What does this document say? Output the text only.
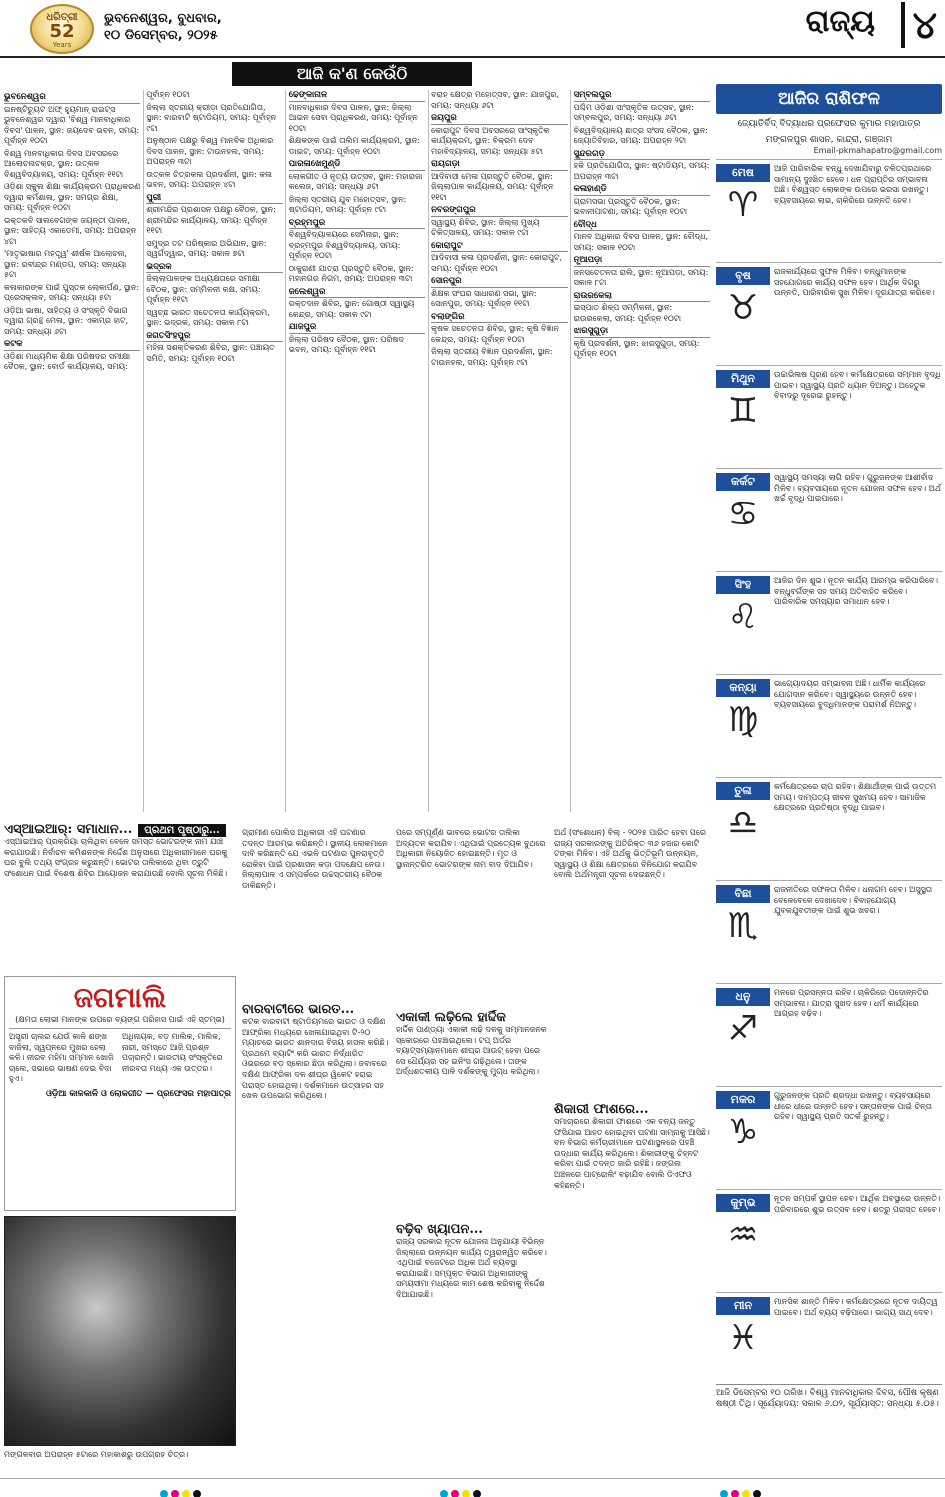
ଧରିତ୍ରୀ
52
Years
ଭୁବନେଶ୍ୱର, ବୁଧବାର,
୧୦ ଡିସେମ୍ବର, ୨୦୨୫	ରାଜ୍ୟ ୪
ଆଜି କ'ଣ କେଉଁଠି
ଭୁବନେଶ୍ୱର

ଇନଷ୍ଟିଚ୍ୟୁଟ ଅଫ୍ ହ୍ୟୁମାନ୍ ରାଇଟ୍ସ ଭୁବନେଶ୍ୱର ଦ୍ୱାରା 'ବିଶ୍ୱ ମାନବାଧିକାର ଦିବସ' ପାଳନ, ସ୍ଥାନ: ଜୟଦେବ ଭବନ, ସମୟ: ପୂର୍ବାହ୍ନ ୧୦ଟା

ବିଶ୍ୱ ମାନବାଧିକାର ଦିବସ ଅବସରରେ ଆଲୋଚନାଚକ୍ର, ସ୍ଥାନ: ଉତ୍କଳ ବିଶ୍ୱବିଦ୍ୟାଳୟ, ସମୟ: ପୂର୍ବାହ୍ନ ୧୧ଟା

ଓଡ଼ିଶା ସ୍କୁଲ ଶିକ୍ଷା କାର୍ଯ୍ୟକ୍ରମ ପ୍ରାଧିକରଣ ଦ୍ୱାରା କର୍ମଶାଳା, ସ୍ଥାନ: ସମଗ୍ର ଶିକ୍ଷା, ସମୟ: ପୂର୍ବାହ୍ନ ୧୦ଟା

ଭକ୍ତକବି ସାଲବେଗଙ୍କ ଜୟନ୍ତୀ ପାଳନ, ସ୍ଥାନ: ସାହିତ୍ୟ ଏକାଡେମୀ, ସମୟ: ଅପରାହ୍ନ ୪ଟା

'ମାତୃଭାଷାର ମହତ୍ତ୍ୱ' ଶୀର୍ଷକ ଆଲୋଚନା, ସ୍ଥାନ: ରବୀନ୍ଦ୍ର ମଣ୍ଡପ, ସମୟ: ସନ୍ଧ୍ୟା ୫ଟା

କଳାକାରଙ୍କ ପାଇଁ ପୁସ୍ତକ ଲୋକାର୍ପଣ, ସ୍ଥାନ: ପ୍ରେସକ୍ଲବ, ସମୟ: ସନ୍ଧ୍ୟା ୫ଟା

ଓଡ଼ିଆ ଭାଷା, ସାହିତ୍ୟ ଓ ସଂସ୍କୃତି ବିଭାଗ ଦ୍ୱାରା ଗ୍ରନ୍ଥ ମେଳା, ସ୍ଥାନ: ଏକାମ୍ର ହାଟ, ସମୟ: ସନ୍ଧ୍ୟା ୬ଟା

କଟକ

ଓଡ଼ିଶା ମାଧ୍ୟମିକ ଶିକ୍ଷା ପରିଷଦର ସମୀକ୍ଷା ବୈଠକ, ସ୍ଥାନ: ବୋର୍ଡ କାର୍ଯ୍ୟାଳୟ, ସମୟ: ପୂର୍ବାହ୍ନ ୧୦ଟା

ଜିଲ୍ଲା ସ୍ତରୀୟ କ୍ରୀଡ଼ା ପ୍ରତିଯୋଗିତା, ସ୍ଥାନ: ବାରବାଟି ଷ୍ଟାଡିୟମ, ସମୟ: ପୂର୍ବାହ୍ନ ୯ଟା

ଅନୁଷ୍ଠାନ ପକ୍ଷରୁ ବିଶ୍ୱ ମାନବିକ ଅଧିକାର ଦିବସ ପାଳନ, ସ୍ଥାନ: ଟାଉନହଲ, ସମୟ: ଅପରାହ୍ନ ୩ଟା

ଉତ୍କଳ ଚିତ୍ରକଳା ପ୍ରଦର୍ଶନୀ, ସ୍ଥାନ: କଳା ଭବନ, ସମୟ: ଅପରାହ୍ନ ୪ଟା

ପୁରୀ

ଶ୍ରୀମନ୍ଦିର ପ୍ରଶାସନ ପକ୍ଷରୁ ବୈଠକ, ସ୍ଥାନ: ଶ୍ରୀମନ୍ଦିର କାର୍ଯ୍ୟାଳୟ, ସମୟ: ପୂର୍ବାହ୍ନ ୧୧ଟା

ସମୁଦ୍ର ତଟ ପରିଷ୍କାର ଅଭିଯାନ, ସ୍ଥାନ: ସ୍ୱର୍ଗଦ୍ୱାର, ସମୟ: ସକାଳ ୭ଟା

ଭଦ୍ରକ

ଜିଲ୍ଲାପାଳଙ୍କ ଅଧ୍ୟକ୍ଷତାରେ ସମୀକ୍ଷା ବୈଠକ, ସ୍ଥାନ: ସମ୍ମିଳନୀ କକ୍ଷ, ସମୟ: ପୂର୍ବାହ୍ନ ୧୧ଟା

ସ୍ୱଚ୍ଛ ଭାରତ ସଚେତନତା କାର୍ଯ୍ୟକ୍ରମ, ସ୍ଥାନ: ଭଦ୍ରକ, ସମୟ: ସକାଳ ୮ଟା

ଜଗତସିଂହପୁର

ମହିଳା ସଶକ୍ତିକରଣ ଶିବିର, ସ୍ଥାନ: ପଞ୍ଚାୟତ ସମିତି, ସମୟ: ପୂର୍ବାହ୍ନ ୧୦ଟା

ଢେଙ୍କାନାଳ

ମାନବାଧିକାର ଦିବସ ପାଳନ, ସ୍ଥାନ: ଜିଲ୍ଲା ଆଇନ ସେବା ପ୍ରାଧିକରଣ, ସମୟ: ପୂର୍ବାହ୍ନ ୧୦ଟା

ଶିକ୍ଷକଙ୍କ ପାଇଁ ତାଲିମ କାର୍ଯ୍ୟକ୍ରମ, ସ୍ଥାନ: ଡାଇଟ, ସମୟ: ପୂର୍ବାହ୍ନ ୧୦ଟା

ପାରଳାଖେମୁଣ୍ଡି

ଲୋକଗୀତ ଓ ନୃତ୍ୟ ଉତ୍ସବ, ସ୍ଥାନ: ମହାରାଜା କଲେଜ, ସମୟ: ସନ୍ଧ୍ୟା ୬ଟା

ଜିଲ୍ଲା ସ୍ତରୀୟ ଯୁବ ମହୋତ୍ସବ, ସ୍ଥାନ: ଷ୍ଟାଡିୟମ, ସମୟ: ପୂର୍ବାହ୍ନ ୯ଟା

ବ୍ରହ୍ମପୁର

ବିଶ୍ୱବିଦ୍ୟାଳୟରେ ସେମିନାର, ସ୍ଥାନ: ବ୍ରହ୍ମପୁର ବିଶ୍ୱବିଦ୍ୟାଳୟ, ସମୟ: ପୂର୍ବାହ୍ନ ୧୦ଟା

ଠାକୁରାଣୀ ଯାତ୍ରା ପ୍ରସ୍ତୁତି ବୈଠକ, ସ୍ଥାନ: ମହାନଗର ନିଗମ, ସମୟ: ଅପରାହ୍ନ ୩ଟା

ଜଲେଶ୍ୱର

ରକ୍ତଦାନ ଶିବିର, ସ୍ଥାନ: ଗୋଷ୍ଠୀ ସ୍ୱାସ୍ଥ୍ୟ କେନ୍ଦ୍ର, ସମୟ: ସକାଳ ୯ଟା

ଯାଜପୁର

ଜିଲ୍ଲା ପରିଷଦ ବୈଠକ, ସ୍ଥାନ: ପରିଷଦ ଭବନ, ସମୟ: ପୂର୍ବାହ୍ନ ୧୧ଟା

ବରାହ କ୍ଷେତ୍ର ମହୋତ୍ସବ, ସ୍ଥାନ: ଯାଜପୁର, ସମୟ: ସନ୍ଧ୍ୟା ୬ଟା

ଜୟପୁର

କୋରାପୁଟ ଦିବସ ଅବସରରେ ସାଂସ୍କୃତିକ କାର୍ଯ୍ୟକ୍ରମ, ସ୍ଥାନ: ବିକ୍ରମ ଦେବ ମହାବିଦ୍ୟାଳୟ, ସମୟ: ସନ୍ଧ୍ୟା ୫ଟା

ରାୟଗଡ଼ା

ଆଦିବାସୀ ମେଳା ପ୍ରସ୍ତୁତି ବୈଠକ, ସ୍ଥାନ: ଜିଲ୍ଲାପାଳ କାର୍ଯ୍ୟାଳୟ, ସମୟ: ପୂର୍ବାହ୍ନ ୧୧ଟା

ନବରଙ୍ଗପୁର

ସ୍ୱାସ୍ଥ୍ୟ ଶିବିର, ସ୍ଥାନ: ଜିଲ୍ଲା ମୁଖ୍ୟ ଚିକିତ୍ସାଳୟ, ସମୟ: ସକାଳ ୯ଟା

କୋରାପୁଟ

ଆଦିବାସୀ କଳା ପ୍ରଦର୍ଶନୀ, ସ୍ଥାନ: କୋରାପୁଟ, ସମୟ: ପୂର୍ବାହ୍ନ ୧୦ଟା

ସୋନପୁର

ଶିକ୍ଷକ ସଂଘର ସାଧାରଣ ସଭା, ସ୍ଥାନ: ସୋନପୁର, ସମୟ: ପୂର୍ବାହ୍ନ ୧୧ଟା

ବଲାଙ୍ଗିର

କୃଷକ ସଚେତନତା ଶିବିର, ସ୍ଥାନ: କୃଷି ବିଜ୍ଞାନ କେନ୍ଦ୍ର, ସମୟ: ପୂର୍ବାହ୍ନ ୧୦ଟା

ଜିଲ୍ଲା ସ୍ତରୀୟ ବିଜ୍ଞାନ ପ୍ରଦର୍ଶନୀ, ସ୍ଥାନ: ଟାଉନହଲ, ସମୟ: ପୂର୍ବାହ୍ନ ୯ଟା

ସମ୍ବଲପୁର

ପଶ୍ଚିମ ଓଡ଼ିଶା ସାଂସ୍କୃତିକ ଉତ୍ସବ, ସ୍ଥାନ: ସମ୍ବଲପୁର, ସମୟ: ସନ୍ଧ୍ୟା ୬ଟା

ବିଶ୍ୱବିଦ୍ୟାଳୟ ଛାତ୍ର ସଂସଦ ବୈଠକ, ସ୍ଥାନ: ଜ୍ୟୋତିବିହାର, ସମୟ: ଅପରାହ୍ନ ୨ଟା

ସୁନ୍ଦରଗଡ଼

ହକି ପ୍ରତିଯୋଗିତା, ସ୍ଥାନ: ଷ୍ଟାଡିୟମ, ସମୟ: ଅପରାହ୍ନ ୩ଟା

କଳାହାଣ୍ଡି

ଗ୍ରାମସଭା ପ୍ରସ୍ତୁତି ବୈଠକ, ସ୍ଥାନ: ଭବାନୀପାଟଣା, ସମୟ: ପୂର୍ବାହ୍ନ ୧୦ଟା

ବୌଦ୍ଧ

ମାନବ ଅଧିକାର ଦିବସ ପାଳନ, ସ୍ଥାନ: ବୌଦ୍ଧ, ସମୟ: ସକାଳ ୧୦ଟା

ନୂଆପଡ଼ା

ଜନସଚେତନତା ରାଲି, ସ୍ଥାନ: ନୂଆପଡ଼ା, ସମୟ: ସକାଳ ୮ଟା

ରାଉରକେଲା

ଇସ୍ପାତ ଶିଳ୍ପ ସମ୍ମିଳନୀ, ସ୍ଥାନ: ରାଉରକେଲା, ସମୟ: ପୂର୍ବାହ୍ନ ୧୦ଟା

ଝାରସୁଗୁଡ଼ା

କୃଷି ପ୍ରଦର୍ଶନୀ, ସ୍ଥାନ: ଝାରସୁଗୁଡ଼ା, ସମୟ: ପୂର୍ବାହ୍ନ ୧୦ଟା

ଆଜିର ରାଶିଫଳ
ଜ୍ୟୋତିର୍ବିଦ୍ ବିଦ୍ୟାଧର ପ୍ରଫେସର କୁମାର ମହାପାତ୍ର
ମଙ୍ଗଳପୁର ଶାସନ, କାନ୍ଦ୍ରା, ଗଞ୍ଜାମ
Email-pkmahapatro@gmail.com
ମେଷ
♈
ଆଜି ପାରିବାରିକ ବନ୍ଧୁ ଦେଖାଯିବାରୁ ଚଳିତପ୍ରଥାରେ ସାମାନ୍ୟ ଦୁଃଖିତ ହେବେ। ଧନ ପ୍ରାପ୍ତିର ସମ୍ଭାବନା ଅଛି। ବିଶ୍ୱସ୍ତ ଲୋକଙ୍କ ଉପରେ ଭରସା ରଖନ୍ତୁ। ବ୍ୟବସାୟରେ ଲାଭ, ଚାକିରିରେ ଉନ୍ନତି ହେବ।
ବୃଷ
♉
ରାଜକାର୍ଯ୍ୟରେ ସୁଫଳ ମିଳିବ। ବନ୍ଧୁମାନଙ୍କ ସହଯୋଗରେ କାର୍ଯ୍ୟ ସଫଳ ହେବ। ଆର୍ଥିକ ଦିଗରୁ ଉନ୍ନତି, ପାରିବାରିକ ସୁଖ ମିଳିବ। ଦୂରଯାତ୍ରା କରିବେ।
ମିଥୁନ
♊
ଉଚ୍ଚାଭିଳାଷ ପୂରଣ ହେବ। କର୍ମକ୍ଷେତ୍ରରେ ସମ୍ମାନ ବୃଦ୍ଧି ପାଇବ। ସ୍ୱାସ୍ଥ୍ୟ ପ୍ରତି ଧ୍ୟାନ ଦିଅନ୍ତୁ। ଅହେତୁକ ବିବାଦରୁ ଦୂରେଇ ରୁହନ୍ତୁ।
କର୍କଟ
♋
ସ୍ୱାସ୍ଥ୍ୟ ସମସ୍ୟା ଲାଗି ରହିବ। ଗୁରୁଜନଙ୍କ ଆଶୀର୍ବାଦ ମିଳିବ। ବ୍ୟବସାୟରେ ନୂତନ ଯୋଜନା ସଫଳ ହେବ। ଅର୍ଥ ଖର୍ଚ୍ଚ ବୃଦ୍ଧି ପାଇପାରେ।
ସିଂହ
♌
ଆଜିର ଦିନ ଶୁଭ। ନୂତନ କାର୍ଯ୍ୟ ଆରମ୍ଭ କରିପାରିବେ। ବନ୍ଧୁବର୍ଗଙ୍କ ସହ ସମୟ ଅତିବାହିତ କରିବେ। ପାରିବାରିକ ସମସ୍ୟାର ସମାଧାନ ହେବ।
କନ୍ୟା
♍
ଭାଗ୍ୟୋଦୟର ସମ୍ଭାବନା ଅଛି। ଧାର୍ମିକ କାର୍ଯ୍ୟରେ ଯୋଗଦାନ କରିବେ। ସ୍ୱାସ୍ଥ୍ୟରେ ଉନ୍ନତି ହେବ। ବ୍ୟବସାୟରେ ବୁଦ୍ଧିମାନଙ୍କ ପରାମର୍ଶ ନିଅନ୍ତୁ।
ତୁଳା
♎
କର୍ମକ୍ଷେତ୍ରରେ ଚାପ ରହିବ। ଶିକ୍ଷାର୍ଥୀଙ୍କ ପାଇଁ ଉତ୍ତମ ସମୟ। ଦାମ୍ପତ୍ୟ ଜୀବନ ସୁଖମୟ ହେବ। ସାମାଜିକ କ୍ଷେତ୍ରରେ ପ୍ରତିଷ୍ଠା ବୃଦ୍ଧି ପାଇବ।
ବିଛା
♏
ରାଜନୀତିରେ ସଫଳତା ମିଳିବ। ଧନାଗମ ହେବ। ଅସୁସ୍ଥତା ବେଳେବେଳେ ଦେଖାଦେବ। ବିବାହଯୋଗ୍ୟ ଯୁବକଯୁବତୀଙ୍କ ପାଇଁ ଶୁଭ ଖବର।
ଧନୁ
♐
ମନରେ ପ୍ରସନ୍ନତା ରହିବ। ଚାକିରିରେ ପଦୋନ୍ନତିର ସମ୍ଭାବନା। ଯାତ୍ରା ସୁଖଦ ହେବ। ଧର୍ମ କାର୍ଯ୍ୟରେ ଆଗ୍ରହ ବଢ଼ିବ।
ମକର
♑
ଗୁରୁଜନଙ୍କ ପ୍ରତି ଶ୍ରଦ୍ଧା ରଖନ୍ତୁ। ବ୍ୟବସାୟରେ ଧୀରେ ଧୀରେ ଉନ୍ନତି ହେବ। ସନ୍ତାନଙ୍କ ପାଇଁ ଚିନ୍ତା ରହିବ। ସ୍ୱାସ୍ଥ୍ୟ ପ୍ରତି ସତର୍କ ରୁହନ୍ତୁ।
କୁମ୍ଭ
♒
ନୂତନ ସମ୍ପର୍କ ସ୍ଥାପନ ହେବ। ଆର୍ଥିକ ଅବସ୍ଥାରେ ଉନ୍ନତି। ପରିବାରରେ ଶୁଭ ଉତ୍ସବ ହେବ। ଶତ୍ରୁ ପରାସ୍ତ ହେବେ।
ମୀନ
♓
ମାନସିକ ଶାନ୍ତି ମିଳିବ। କର୍ମକ୍ଷେତ୍ରରେ ନୂତନ ଦାୟିତ୍ୱ ପାଇବେ। ଅର୍ଥ ବ୍ୟୟ ବଢ଼ିପାରେ। ଭାଗ୍ୟ ସାଥ୍ ଦେବ।
ଆଜି ଡିସେମ୍ବର ୧୦ ତାରିଖ। ବିଶ୍ୱ ମାନବାଧିକାର ଦିବସ, ପୌଷ କୃଷ୍ଣ ଷଷ୍ଠୀ ତିଥି। ସୂର୍ଯ୍ୟୋଦୟ: ସକାଳ ୬.୦୨, ସୂର୍ଯ୍ୟାସ୍ତ: ସନ୍ଧ୍ୟା ୫.୦୫।
ଏସ୍ଆଇଆର୍: ସମାଧାନ... ପ୍ରଥମ ପୃଷ୍ଠାରୁ...
ଏସ୍ଆଇଆର୍ ପ୍ରକ୍ରିୟା ଚାଲିଥିବା ବେଳେ ସମସ୍ତ ଭୋଟରଙ୍କ ନାମ ଯାଞ୍ଚ କରାଯାଉଛି। ନିର୍ବାଚନ କମିଶନଙ୍କ ନିର୍ଦ୍ଦେଶ ଅନୁସାରେ ଅଧିକାରୀମାନେ ଘରକୁ ଘର ବୁଲି ତଥ୍ୟ ସଂଗ୍ରହ କରୁଛନ୍ତି। ଭୋଟର ତାଲିକାରେ ଥିବା ତ୍ରୁଟି ସଂଶୋଧନ ପାଇଁ ବିଶେଷ ଶିବିର ଆୟୋଜନ କରାଯାଉଛି ବୋଲି ସୂଚନା ମିଳିଛି।
ଜଗମାଲି
(କ୍ଷମତା ଲୋଭୀ ମାନଙ୍କ ଉପରେ ବ୍ୟଙ୍ଗ ପରିହାସ ପାଇଁ ଏହି ସ୍ତମ୍ଭ)
ଅସ୍ତ୍ରୀ ଚାଲର ଯେଉଁ କାଳି ଶଙ୍ଖ ବାଜିଲା, ସ୍ୱପ୍ନରେ ମୁଖର ହେଲା କଳି। ନୀରବ ମହିମା ସମ୍ମାନ ଖୋଜି ଚାଲେ, ସଭାରେ ଭାଷଣ ଦେଇ ବିଦା ହୁଏ।
ଅଧିନାୟକ, ବଡ଼ ମାଲିକ, ମାଲିକ, ନାରୀ, ସମସ୍ତେ ଆଜି ପ୍ରଶ୍ନ ପଚାରନ୍ତି। ଭାରତୀୟ ସଂସ୍କୃତିରେ ନୀରବତା ମଧ୍ୟ ଏକ ଉତ୍ତର।
ଓଡ଼ିଆ କାଳକାଳି ଓ ଲୋକଗୀତ — ପ୍ରଫେସର ମହାପାତ୍ର
ମଙ୍ଗଳବାର ଅପରାହ୍ନ ୫ଟାରେ ମହାକାଶରୁ ଉପଗ୍ରହ ଚିତ୍ର।
ଗ୍ରାମୀଣ ପୋଲିସ ଅଧିକାରୀ ଏହି ଘଟଣାର ତଦନ୍ତ ଆରମ୍ଭ କରିଛନ୍ତି। ସ୍ଥାନୀୟ ଲୋକମାନେ ଦାବି କରିଛନ୍ତି ଯେ ଏଭଳି ଘଟଣାର ପୁନରାବୃତ୍ତି ରୋକିବା ପାଇଁ ପ୍ରଶାସନ କଡ଼ା ପଦକ୍ଷେପ ନେଉ। ଜିଲ୍ଲାପାଳ ଏ ସମ୍ପର୍କରେ ଉଚ୍ଚସ୍ତରୀୟ ବୈଠକ ଡାକିଛନ୍ତି।
ବାରବାଟୀରେ ଭାରତ...
କଟକ ବାରବାଟୀ ଷ୍ଟାଡିୟମରେ ଭାରତ ଓ ଦକ୍ଷିଣ ଆଫ୍ରିକା ମଧ୍ୟରେ ଖେଳାଯାଇଥିବା ଟି-୨୦ ମ୍ୟାଚରେ ଭାରତ ଶାନଦାର ବିଜୟ ହାସଲ କରିଛି। ପ୍ରଥମେ ବ୍ୟାଟିଂ କରି ଭାରତ ନିର୍ଦ୍ଧାରିତ ଓଭରରେ ବଡ଼ ସ୍କୋର ଛିଡ଼ା କରିଥିଲା। ଜବାବରେ ଦକ୍ଷିଣ ଆଫ୍ରିକା ଦଳ ଶୀଘ୍ର ୱିକେଟ ହରାଇ ପରାସ୍ତ ହୋଇଥିଲା। ଦର୍ଶକମାନେ ଉତ୍ସାହର ସହ ଖେଳ ଉପଭୋଗ କରିଥିଲେ।
ପରେ ସମ୍ପୂର୍ଣ୍ଣ ଭାବରେ ଭୋଟର ତାଲିକା ଅଦ୍ୟତନ କରାଯିବ। ଏଥିପାଇଁ ପ୍ରତ୍ୟେକ ବୁଥରେ ଅଧିକାରୀ ନିୟୋଜିତ ହୋଇଛନ୍ତି। ମୃତ ଓ ସ୍ଥାନାନ୍ତରିତ ଭୋଟରଙ୍କ ନାମ ବାଦ ଦିଆଯିବ।
ଏକାକୀ ଲଢ଼ିଲେ ହାର୍ଦ୍ଦିକ
ହାର୍ଦ୍ଦିକ ପାଣ୍ଡ୍ୟା ଏକାକୀ ଲଢ଼ି ଦଳକୁ ସମ୍ମାନଜନକ ସ୍କୋରରେ ପହଞ୍ଚାଇଥିଲେ। ଟପ୍ ଅର୍ଡର ବ୍ୟାଟ୍ସମ୍ୟାନମାନେ ଶୀଘ୍ର ଆଉଟ୍ ହେବା ପରେ ସେ ଧୈର୍ଯ୍ୟର ସହ ଇନିଂସ ଗଢ଼ିଥିଲେ। ତାଙ୍କ ଅର୍ଦ୍ଧଶତକୀୟ ପାଳି ଦର୍ଶକଙ୍କୁ ମୁଗ୍ଧ କରିଥିଲା।
ବଢ଼ିବ ଖ୍ୟାପନ...
ରାଜ୍ୟ ସରକାର ନୂତନ ଯୋଜନା ଅନୁଯାୟୀ ବିଭିନ୍ନ ଜିଲ୍ଲାରେ ଉନ୍ନୟନ କାର୍ଯ୍ୟ ତ୍ୱରାନ୍ୱିତ କରିବେ। ଏଥିପାଇଁ ବଜେଟରେ ଅଧିକ ଅର୍ଥ ବ୍ୟବସ୍ଥା କରାଯାଇଛି। ସମ୍ପୃକ୍ତ ବିଭାଗ ଅଧିକାରୀଙ୍କୁ ସମୟସୀମା ମଧ୍ୟରେ କାମ ଶେଷ କରିବାକୁ ନିର୍ଦ୍ଦେଶ ଦିଆଯାଇଛି।
ଅର୍ଥ (ସଂଶୋଧନ) ବିଲ୍ - ୨୦୨୫ ପାରିତ ହେବା ପରେ ରାଜ୍ୟ ସରକାରଙ୍କୁ ଅତିରିକ୍ତ ୩୬ ହଜାର କୋଟି ଟଙ୍କା ମିଳିବ। ଏହି ଅର୍ଥକୁ ଭିତ୍ତିଭୂମି ଉନ୍ନୟନ, ସ୍ୱାସ୍ଥ୍ୟ ଓ ଶିକ୍ଷା କ୍ଷେତ୍ରରେ ବିନିଯୋଗ କରାଯିବ ବୋଲି ଅର୍ଥମନ୍ତ୍ରୀ ସୂଚନା ଦେଇଛନ୍ତି।
ଶିକାରୀ ଫାଶରେ...
ସମାଚାରରେ ଶିକାରୀ ଫାଶରେ ଏକ ବନ୍ୟ ଜନ୍ତୁ ଫସିଯାଇ ଆହତ ହୋଇଥିବା ଘଟଣା ସାମ୍ନାକୁ ଆସିଛି। ବନ ବିଭାଗ କର୍ମଚାରୀମାନେ ଘଟଣାସ୍ଥଳରେ ପହଞ୍ଚି ଉଦ୍ଧାର କାର୍ଯ୍ୟ କରିଥିଲେ। ଶିକାରୀଙ୍କୁ ଚିହ୍ନଟ କରିବା ପାଇଁ ତଦନ୍ତ ଜାରି ରହିଛି। ଜଙ୍ଗଲ ଅଞ୍ଚଳରେ ପାଟ୍ରୋଲିଂ ବଢ଼ାଯିବ ବୋଲି ଡିଏଫଓ କହିଛନ୍ତି।
